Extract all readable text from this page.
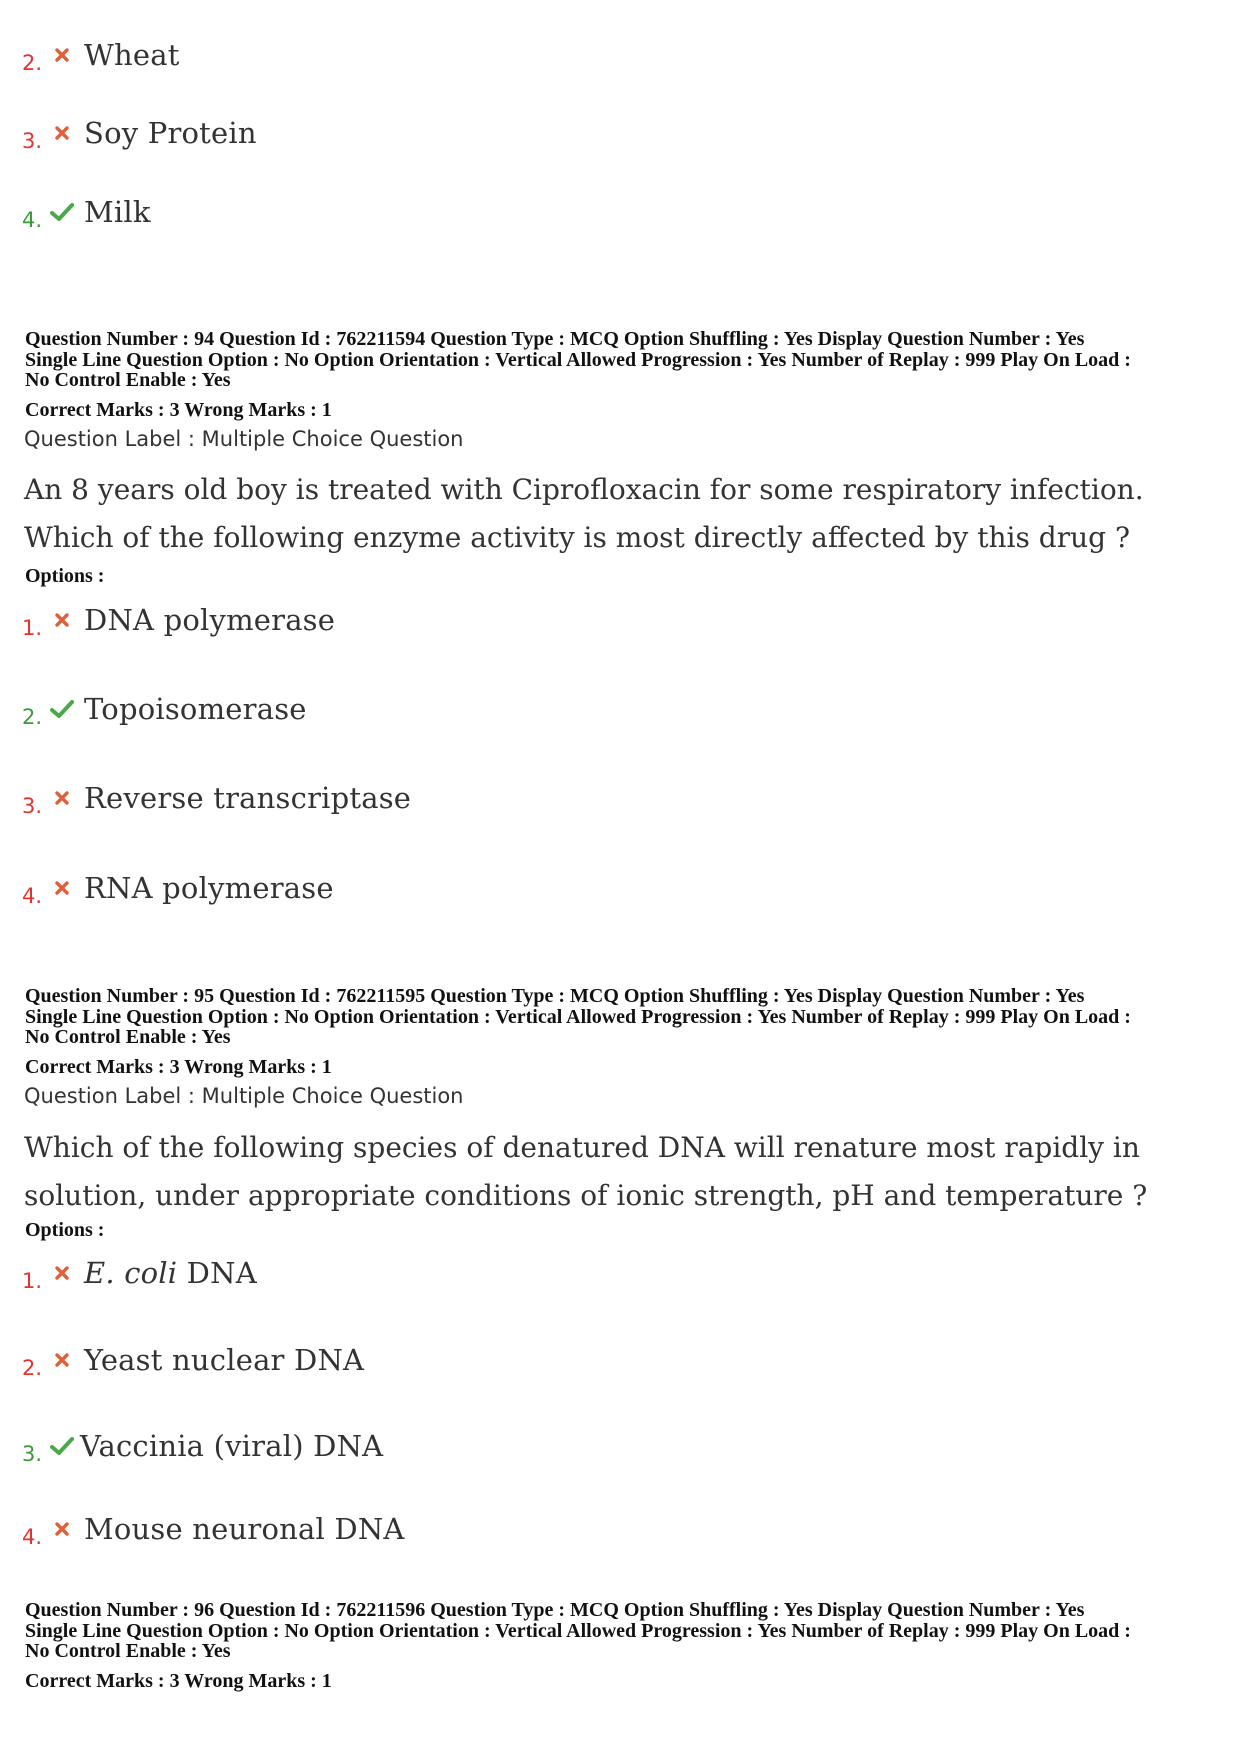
2. Wheat
3. Soy Protein
4. Milk

Question Number : 94 Question Id : 762211594 Question Type : MCQ Option Shuffling : Yes Display Question Number : Yes

Single Line Question Option : No Option Orientation : Vertical Allowed Progression : Yes Number of Replay : 999 Play On Load :

No Control Enable : Yes

Correct Marks : 3 Wrong Marks : 1
Question Label : Multiple Choice Question

An 8 years old boy is treated with Ciprofloxacin for some respiratory infection.

Which of the following enzyme activity is most directly affected by this drug ?

Options :
1. DNA polymerase
2. Topoisomerase
3. Reverse transcriptase
4. RNA polymerase

Question Number : 95 Question Id : 762211595 Question Type : MCQ Option Shuffling : Yes Display Question Number : Yes

Single Line Question Option : No Option Orientation : Vertical Allowed Progression : Yes Number of Replay : 999 Play On Load :

No Control Enable : Yes

Correct Marks : 3 Wrong Marks : 1
Question Label : Multiple Choice Question

Which of the following species of denatured DNA will renature most rapidly in

solution, under appropriate conditions of ionic strength, pH and temperature ?

Options :
1. E. coli DNA
2. Yeast nuclear DNA
3. Vaccinia (viral) DNA
4. Mouse neuronal DNA

Question Number : 96 Question Id : 762211596 Question Type : MCQ Option Shuffling : Yes Display Question Number : Yes

Single Line Question Option : No Option Orientation : Vertical Allowed Progression : Yes Number of Replay : 999 Play On Load :

No Control Enable : Yes

Correct Marks : 3 Wrong Marks : 1
